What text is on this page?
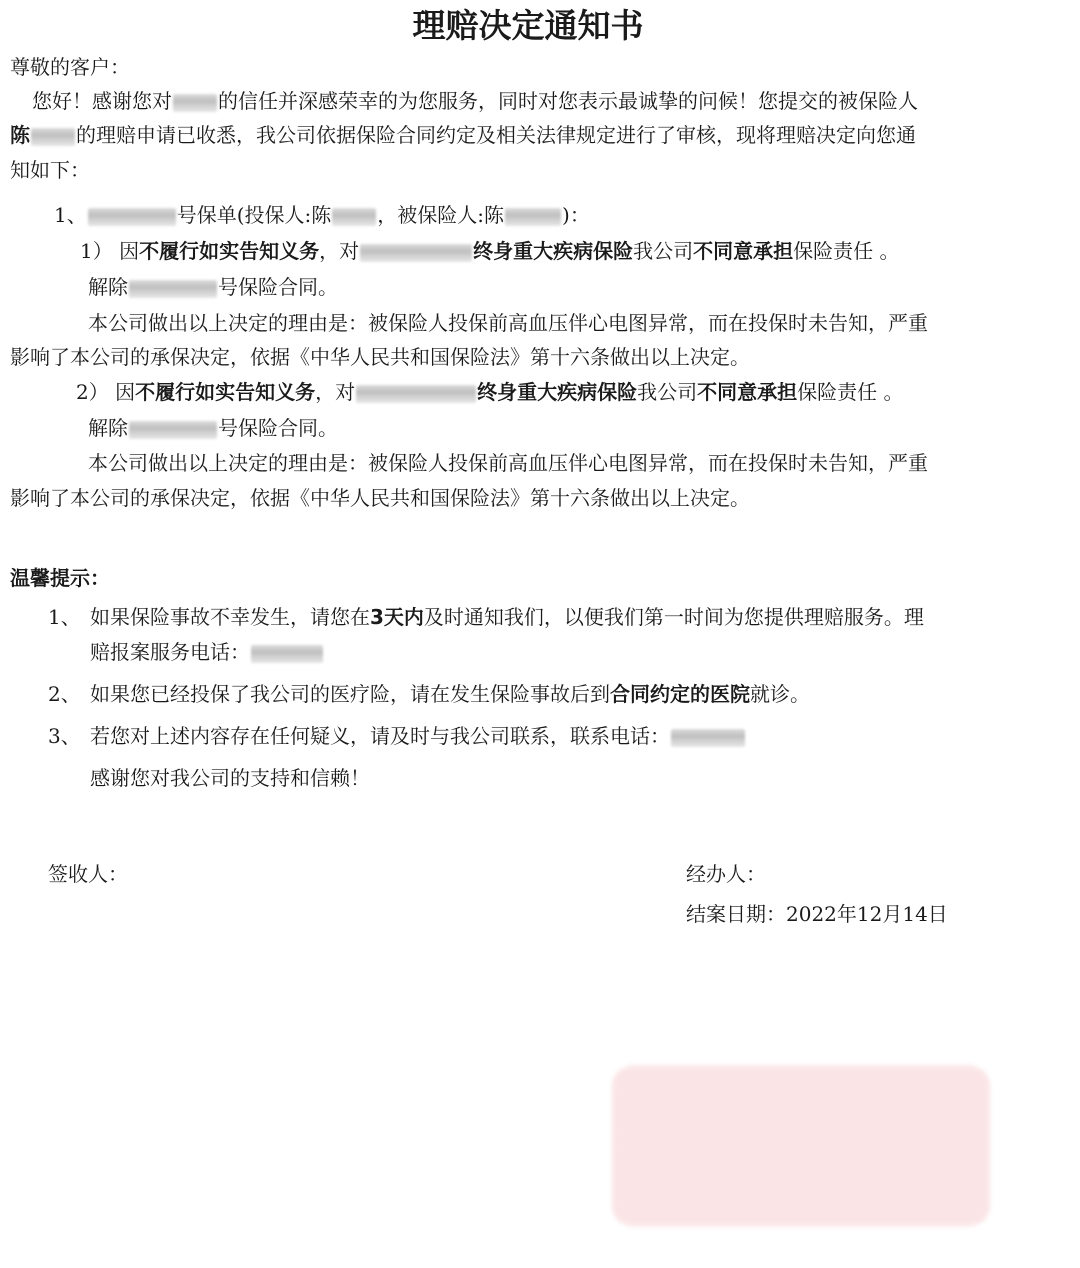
理赔决定通知书
尊敬的客户：
您好！感谢您对 的信任并深感荣幸的为您服务，同时对您表示最诚挚的问候！您提交的被保险人
陈 的理赔申请已收悉，我公司依据保险合同约定及相关法律规定进行了审核，现将理赔决定向您通
知如下：
1、	号保单(投保人:陈 ，被保险人:陈	)：
1） 因不履行如实告知义务，对	终身重大疾病保险我公司不同意承担保险责任 。
解除	号保险合同。
本公司做出以上决定的理由是：被保险人投保前高血压伴心电图异常，而在投保时未告知，严重
影响了本公司的承保决定，依据《中华人民共和国保险法》第十六条做出以上决定。
2） 因不履行如实告知义务，对	终身重大疾病保险我公司不同意承担保险责任 。
解除	号保险合同。
本公司做出以上决定的理由是：被保险人投保前高血压伴心电图异常，而在投保时未告知，严重
影响了本公司的承保决定，依据《中华人民共和国保险法》第十六条做出以上决定。
温馨提示：
1、 如果保险事故不幸发生，请您在3天内及时通知我们，以便我们第一时间为您提供理赔服务。理
赔报案服务电话：
2、 如果您已经投保了我公司的医疗险，请在发生保险事故后到合同约定的医院就诊。
3、 若您对上述内容存在任何疑义，请及时与我公司联系，联系电话：
感谢您对我公司的支持和信赖！
签收人：	经办人：
结案日期：2022年12月14日
